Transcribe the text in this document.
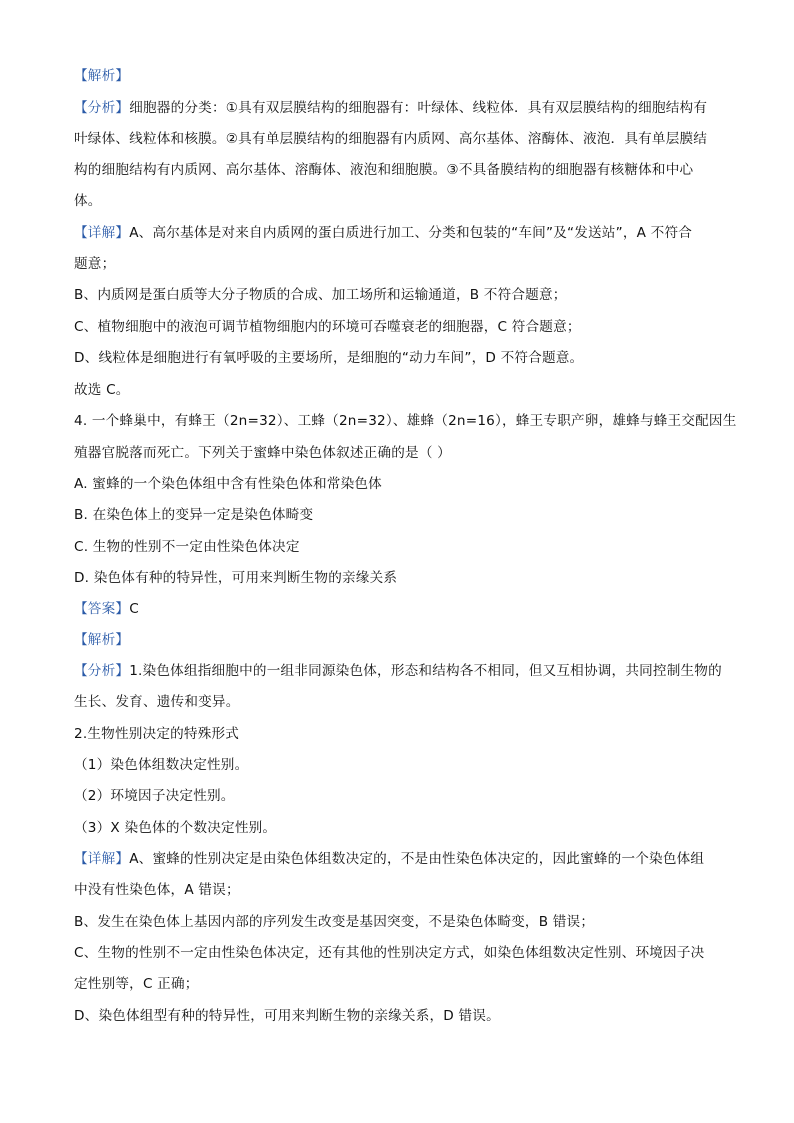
【解析】
【分析】细胞器的分类：①具有双层膜结构的细胞器有：叶绿体、线粒体．具有双层膜结构的细胞结构有
叶绿体、线粒体和核膜。②具有单层膜结构的细胞器有内质网、高尔基体、溶酶体、液泡．具有单层膜结
构的细胞结构有内质网、高尔基体、溶酶体、液泡和细胞膜。③不具备膜结构的细胞器有核糖体和中心
体。
【详解】A、高尔基体是对来自内质网的蛋白质进行加工、分类和包装的“车间”及“发送站”，A 不符合
题意；
B、内质网是蛋白质等大分子物质的合成、加工场所和运输通道，B 不符合题意；
C、植物细胞中的液泡可调节植物细胞内的环境可吞噬衰老的细胞器，C 符合题意；
D、线粒体是细胞进行有氧呼吸的主要场所，是细胞的“动力车间”，D 不符合题意。
故选 C。
4. 一个蜂巢中，有蜂王（2n=32）、工蜂（2n=32）、雄蜂（2n=16），蜂王专职产卵，雄蜂与蜂王交配因生
殖器官脱落而死亡。下列关于蜜蜂中染色体叙述正确的是（ ）
A. 蜜蜂的一个染色体组中含有性染色体和常染色体
B. 在染色体上的变异一定是染色体畸变
C. 生物的性别不一定由性染色体决定
D. 染色体有种的特异性，可用来判断生物的亲缘关系
【答案】C
【解析】
【分析】1.染色体组指细胞中的一组非同源染色体，形态和结构各不相同，但又互相协调，共同控制生物的
生长、发育、遗传和变异。
2.生物性别决定的特殊形式
（1）染色体组数决定性别。
（2）环境因子决定性别。
（3）X 染色体的个数决定性别。
【详解】A、蜜蜂的性别决定是由染色体组数决定的，不是由性染色体决定的，因此蜜蜂的一个染色体组
中没有性染色体，A 错误；
B、发生在染色体上基因内部的序列发生改变是基因突变，不是染色体畸变，B 错误；
C、生物的性别不一定由性染色体决定，还有其他的性别决定方式，如染色体组数决定性别、环境因子决
定性别等，C 正确；
D、染色体组型有种的特异性，可用来判断生物的亲缘关系，D 错误。
